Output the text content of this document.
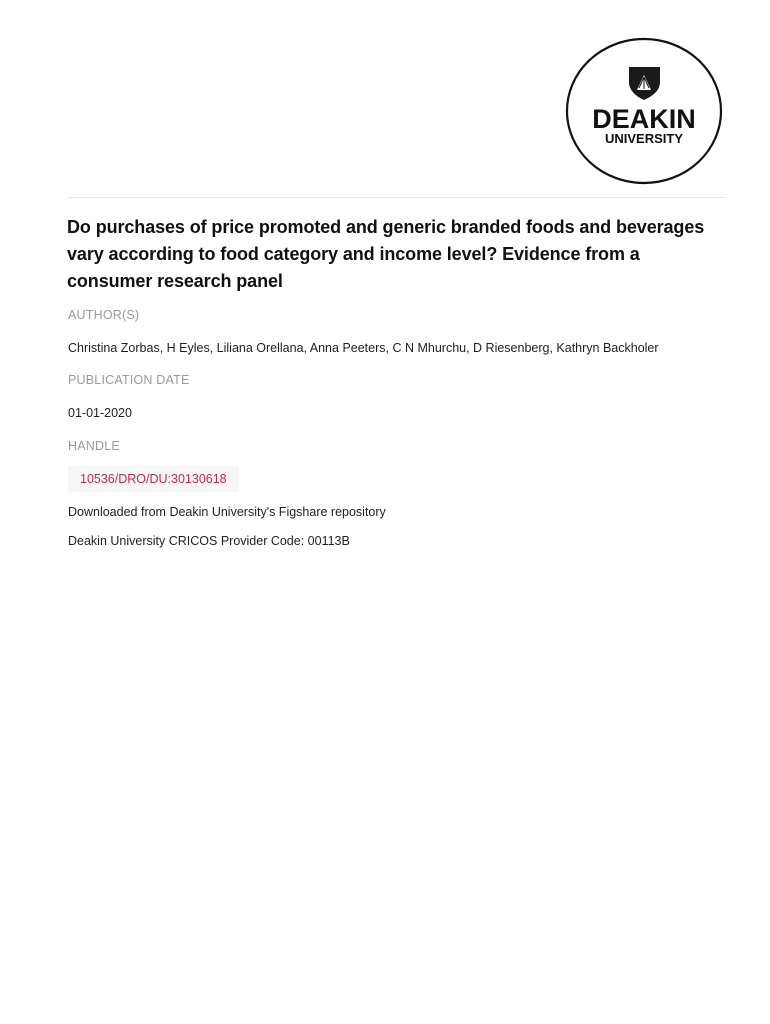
DEAKIN
UNIVERSITY
Do purchases of price promoted and generic branded foods and beverages vary according to food category and income level? Evidence from a consumer research panel
AUTHOR(S)
Christina Zorbas, H Eyles, Liliana Orellana, Anna Peeters, C N Mhurchu, D Riesenberg, Kathryn Backholer
PUBLICATION DATE
01-01-2020
HANDLE
10536/DRO/DU:30130618
Downloaded from Deakin University's Figshare repository
Deakin University CRICOS Provider Code: 00113B
